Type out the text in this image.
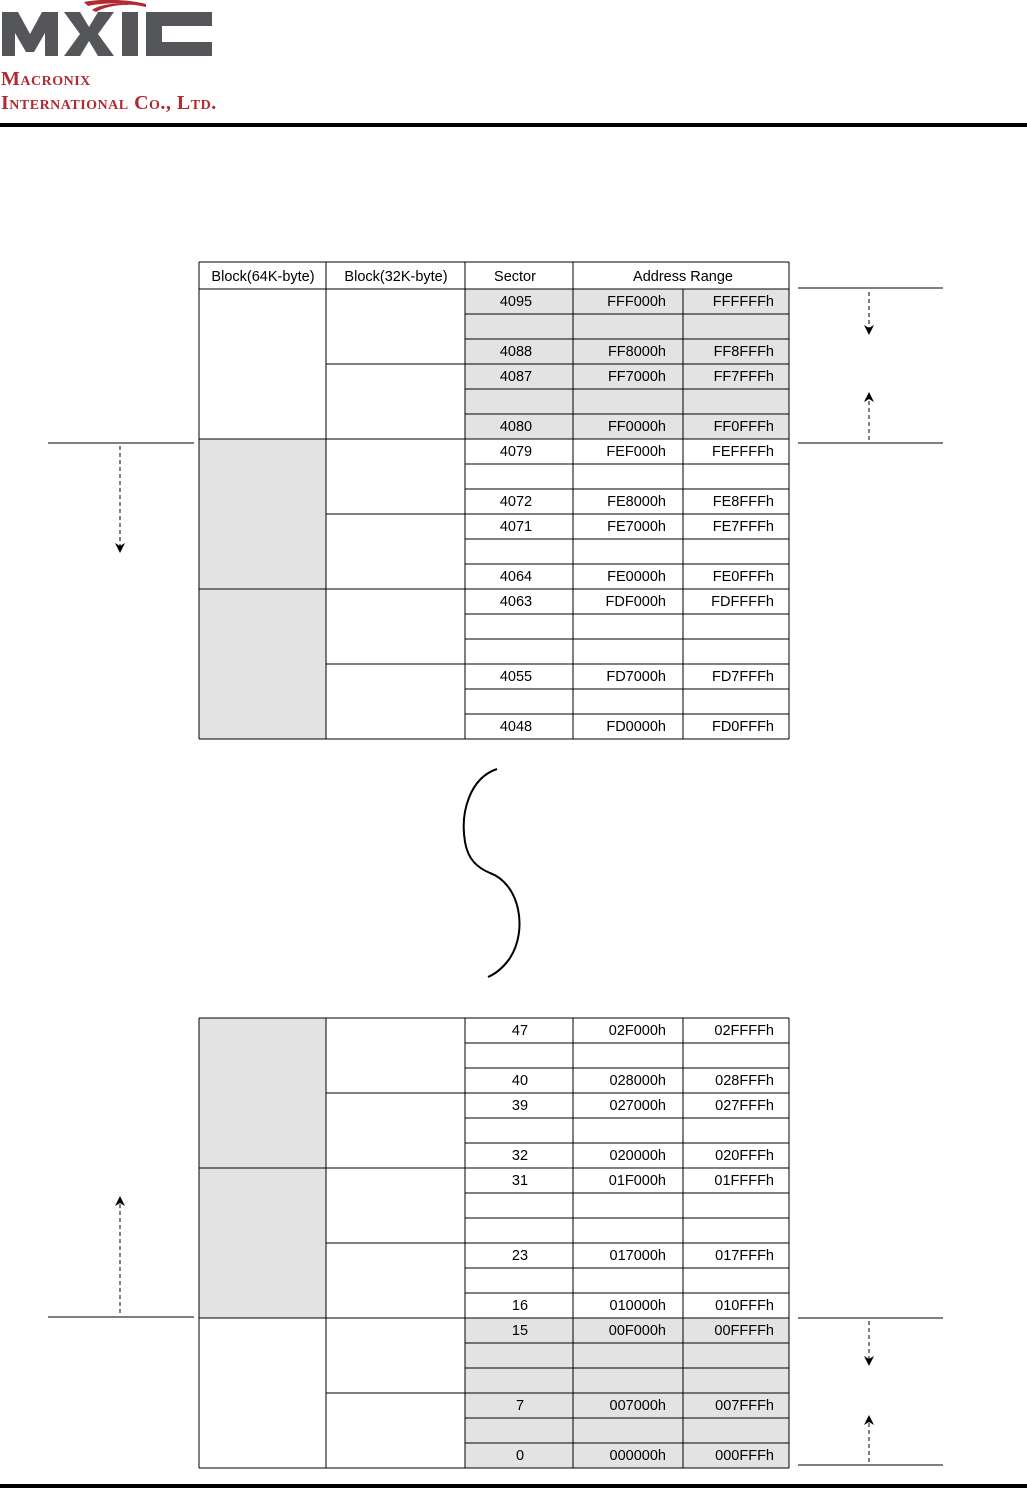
Macronix
International Co., Ltd.
Block(64K-byte) Block(32K-byte)	Sector	Address Range
4095	FFF000h	FFFFFFh
4088	FF8000h	FF8FFFh
4087	FF7000h	FF7FFFh
4080	FF0000h	FF0FFFh
4079	FEF000h	FEFFFFh
4072	FE8000h	FE8FFFh
4071	FE7000h	FE7FFFh
4064	FE0000h	FE0FFFh
4063	FDF000h	FDFFFFh
4055	FD7000h	FD7FFFh
4048	FD0000h	FD0FFFh
47	02F000h	02FFFFh
40	028000h	028FFFh
39	027000h	027FFFh
32	020000h	020FFFh
31	01F000h	01FFFFh
23	017000h	017FFFh
16	010000h	010FFFh
15	00F000h	00FFFFh
7	007000h	007FFFh
0	000000h	000FFFh
